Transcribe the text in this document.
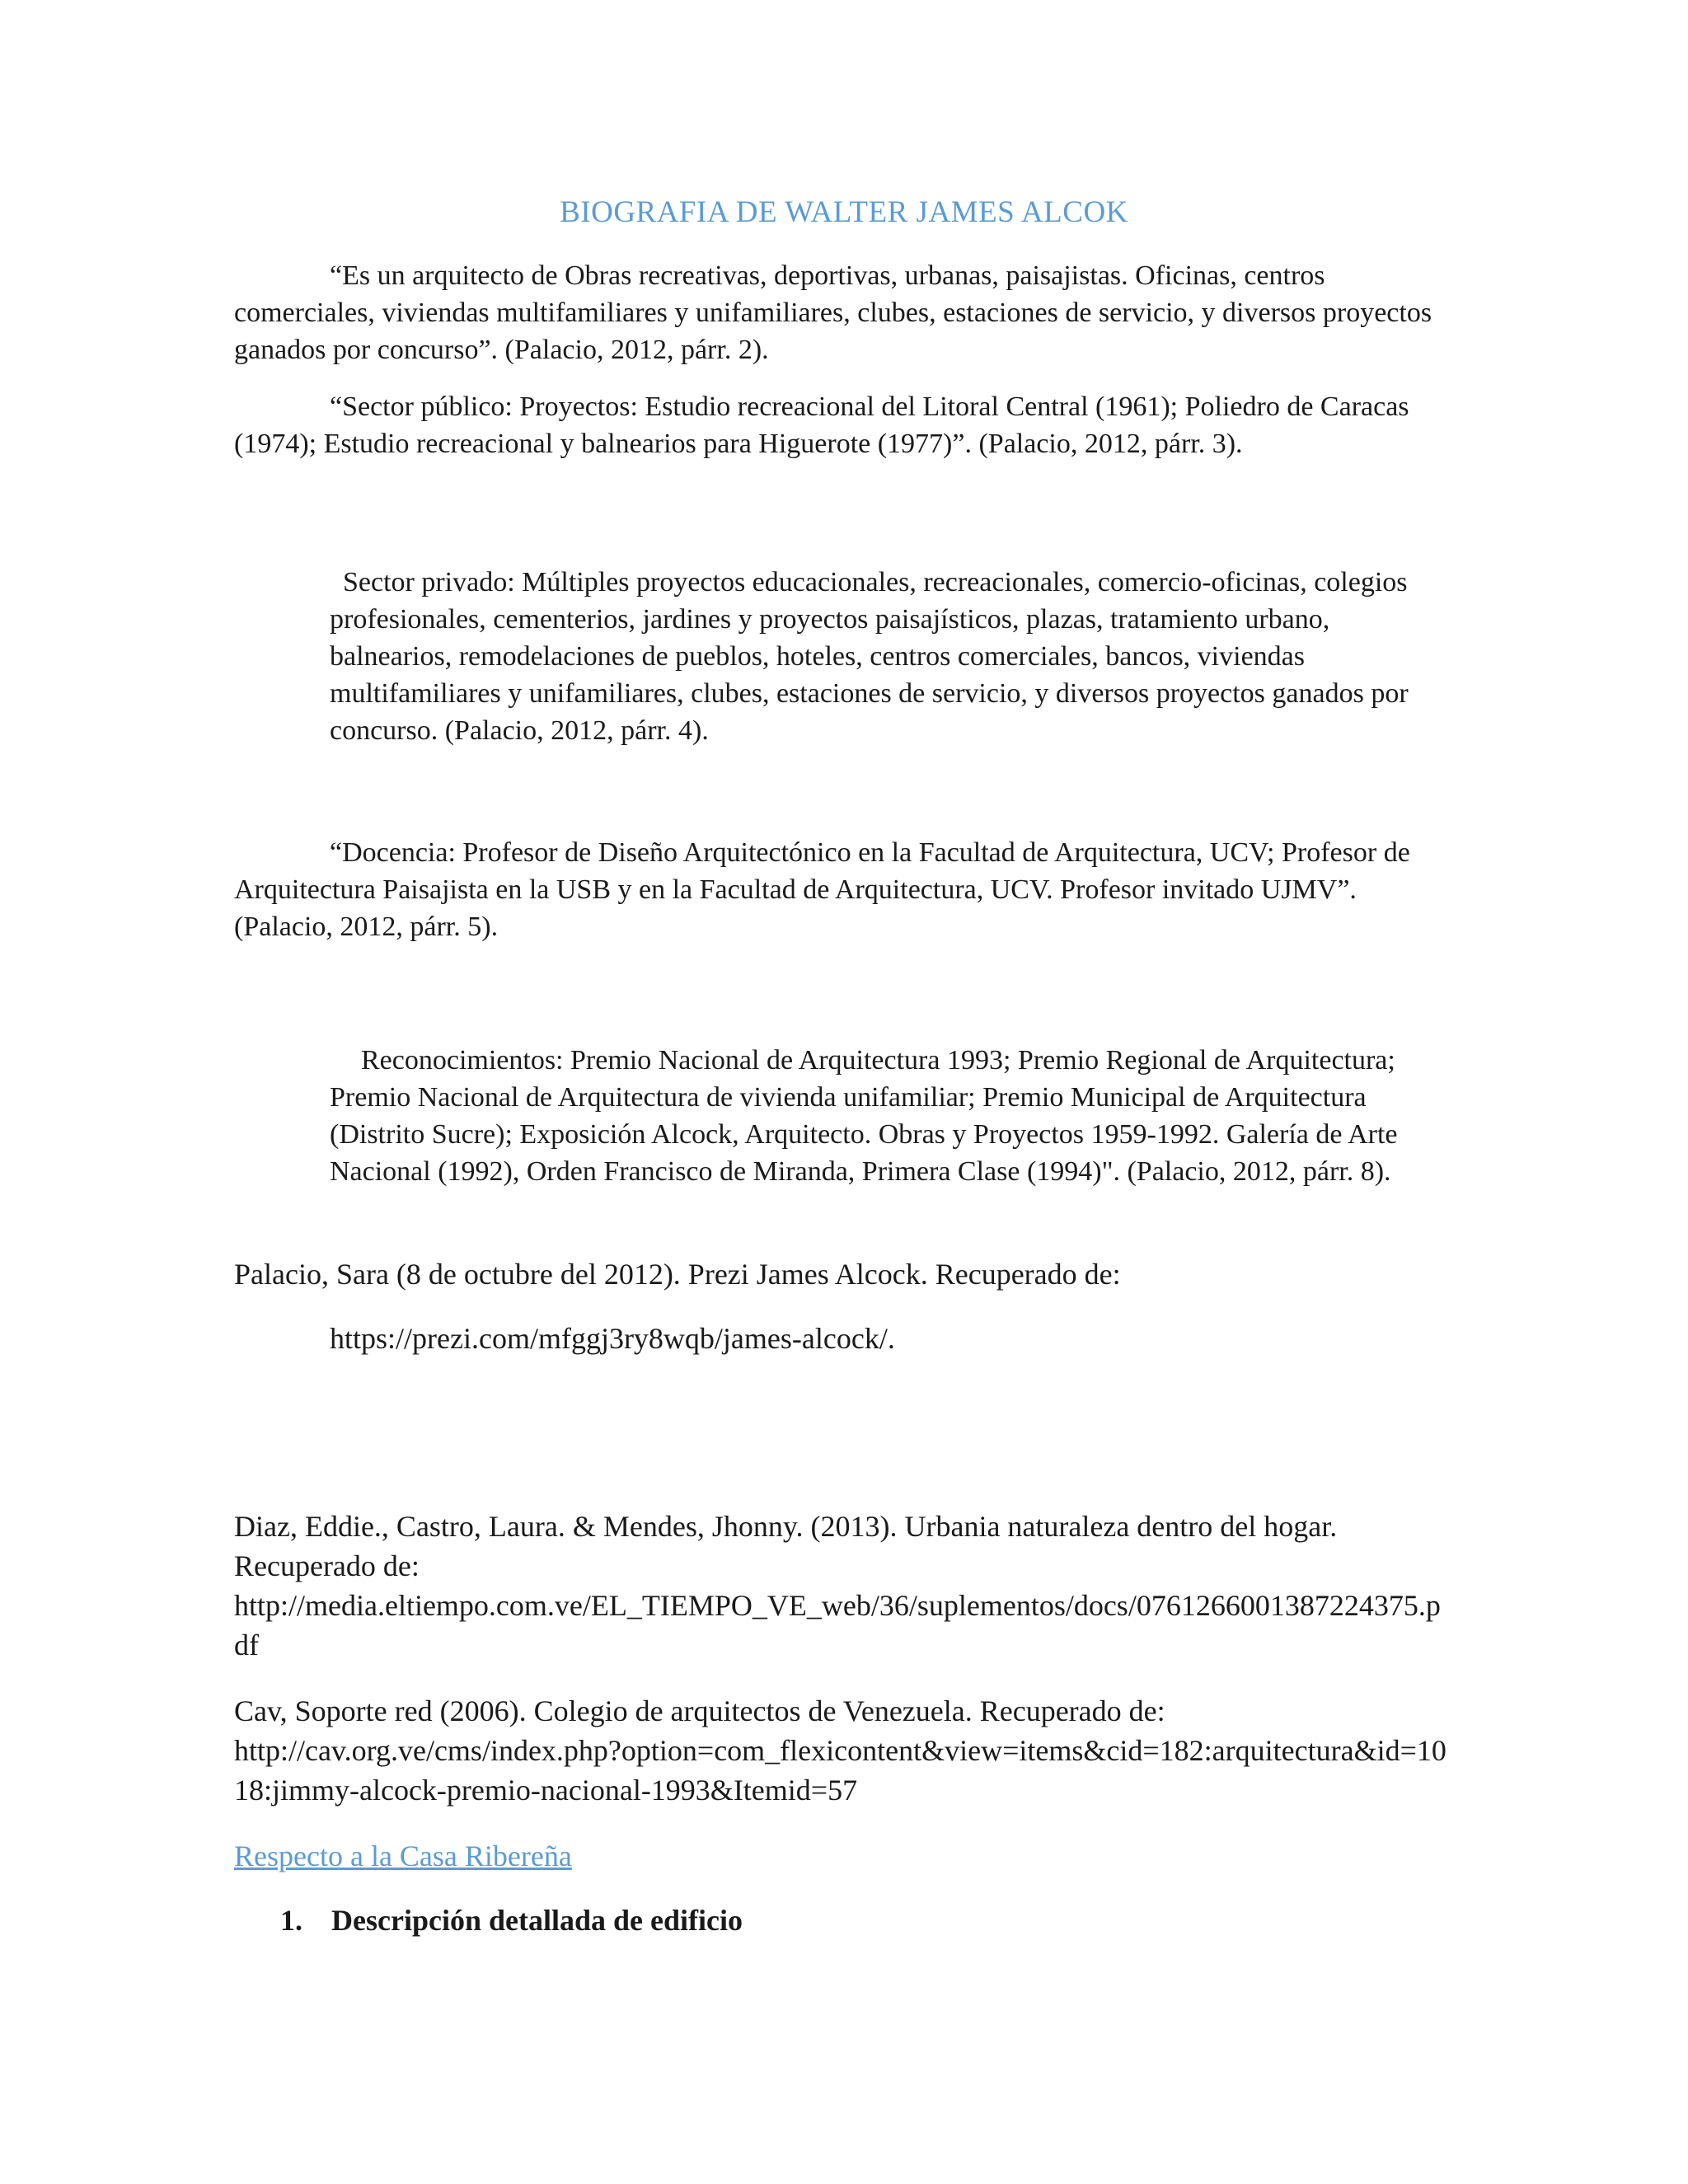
BIOGRAFIA DE WALTER JAMES ALCOK

“Es un arquitecto de Obras recreativas, deportivas, urbanas, paisajistas. Oficinas, centros comerciales, viviendas multifamiliares y unifamiliares, clubes, estaciones de servicio, y diversos proyectos ganados por concurso”. (Palacio, 2012, párr. 2).

“Sector público: Proyectos: Estudio recreacional del Litoral Central (1961); Poliedro de Caracas (1974); Estudio recreacional y balnearios para Higuerote (1977)”. (Palacio, 2012, párr. 3).

Sector privado: Múltiples proyectos educacionales, recreacionales, comercio-oficinas, colegios profesionales, cementerios, jardines y proyectos paisajísticos, plazas, tratamiento urbano, balnearios, remodelaciones de pueblos, hoteles, centros comerciales, bancos, viviendas multifamiliares y unifamiliares, clubes, estaciones de servicio, y diversos proyectos ganados por concurso. (Palacio, 2012, párr. 4).

“Docencia: Profesor de Diseño Arquitectónico en la Facultad de Arquitectura, UCV; Profesor de Arquitectura Paisajista en la USB y en la Facultad de Arquitectura, UCV. Profesor invitado UJMV”. (Palacio, 2012, párr. 5).

Reconocimientos: Premio Nacional de Arquitectura 1993; Premio Regional de Arquitectura; Premio Nacional de Arquitectura de vivienda unifamiliar; Premio Municipal de Arquitectura (Distrito Sucre); Exposición Alcock, Arquitecto. Obras y Proyectos 1959-1992. Galería de Arte Nacional (1992), Orden Francisco de Miranda, Primera Clase (1994)". (Palacio, 2012, párr. 8).

Palacio, Sara (8 de octubre del 2012). Prezi James Alcock. Recuperado de:

https://prezi.com/mfggj3ry8wqb/james-alcock/.

Diaz, Eddie., Castro, Laura. & Mendes, Jhonny. (2013). Urbania naturaleza dentro del hogar. Recuperado de:
http://media.eltiempo.com.ve/EL_TIEMPO_VE_web/36/suplementos/docs/0761266001387224375.pdf

Cav, Soporte red (2006). Colegio de arquitectos de Venezuela. Recuperado de:
http://cav.org.ve/cms/index.php?option=com_flexicontent&view=items&cid=182:arquitectura&id=1018:jimmy-alcock-premio-nacional-1993&Itemid=57

Respecto a la Casa Ribereña
1. Descripción detallada de edificio
